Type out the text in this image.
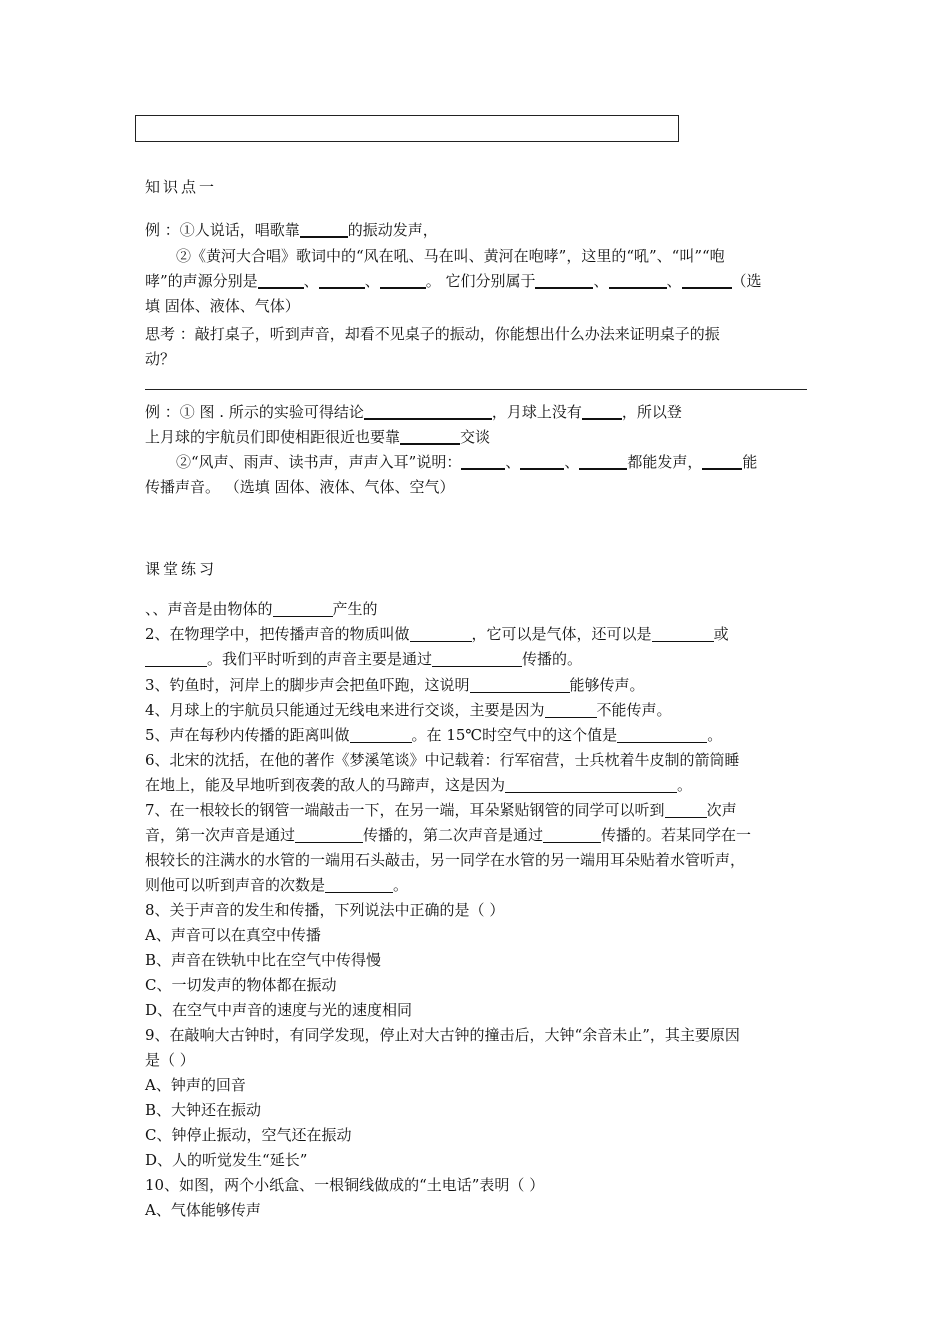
知识点一
例 ：①人说话，唱歌靠	的振动发声，
②《黄河大合唱》歌词中的“风在吼、马在叫、黄河在咆哮”，这里的“吼”、“叫”“咆
哮”的声源分别是	、	、	。 它们分别属于	、	、	（选
填 固体、液体、气体）
思考 ：敲打桌子，听到声音，却看不见桌子的振动，你能想出什么办法来证明桌子的振
动？
例 ：① 图 . 所示的实验可得结论	，月球上没有	，所以登
上月球的宇航员们即使相距很近也要靠	交谈
②“风声、雨声、读书声，声声入耳”说明：	、	、	都能发声，	能
传播声音。 （选填 固体、液体、气体、空气）
课堂练习
、、声音是由物体的	产生的
2、在物理学中，把传播声音的物质叫做	，它可以是气体，还可以是	或
。我们平时听到的声音主要是通过	传播的。
3、钓鱼时，河岸上的脚步声会把鱼吓跑，这说明	能够传声。
4、月球上的宇航员只能通过无线电来进行交谈，主要是因为	不能传声。
5、声在每秒内传播的距离叫做	。在 15℃时空气中的这个值是	。
6、北宋的沈括，在他的著作《梦溪笔谈》中记载着：行军宿营，士兵枕着牛皮制的箭筒睡
在地上，能及早地听到夜袭的敌人的马蹄声，这是因为	。
7、在一根较长的钢管一端敲击一下，在另一端，耳朵紧贴钢管的同学可以听到	次声
音，第一次声音是通过	传播的，第二次声音是通过	传播的。若某同学在一
根较长的注满水的水管的一端用石头敲击，另一同学在水管的另一端用耳朵贴着水管听声，
则他可以听到声音的次数是	。
8、关于声音的发生和传播，下列说法中正确的是（ ）
A、声音可以在真空中传播
B、声音在铁轨中比在空气中传得慢
C、一切发声的物体都在振动
D、在空气中声音的速度与光的速度相同
9、在敲响大古钟时，有同学发现，停止对大古钟的撞击后，大钟“余音未止”，其主要原因
是（ ）
A、钟声的回音
B、大钟还在振动
C、钟停止振动，空气还在振动
D、人的听觉发生“延长”
10、如图，两个小纸盒、一根铜线做成的“土电话”表明（ ）
A、气体能够传声
